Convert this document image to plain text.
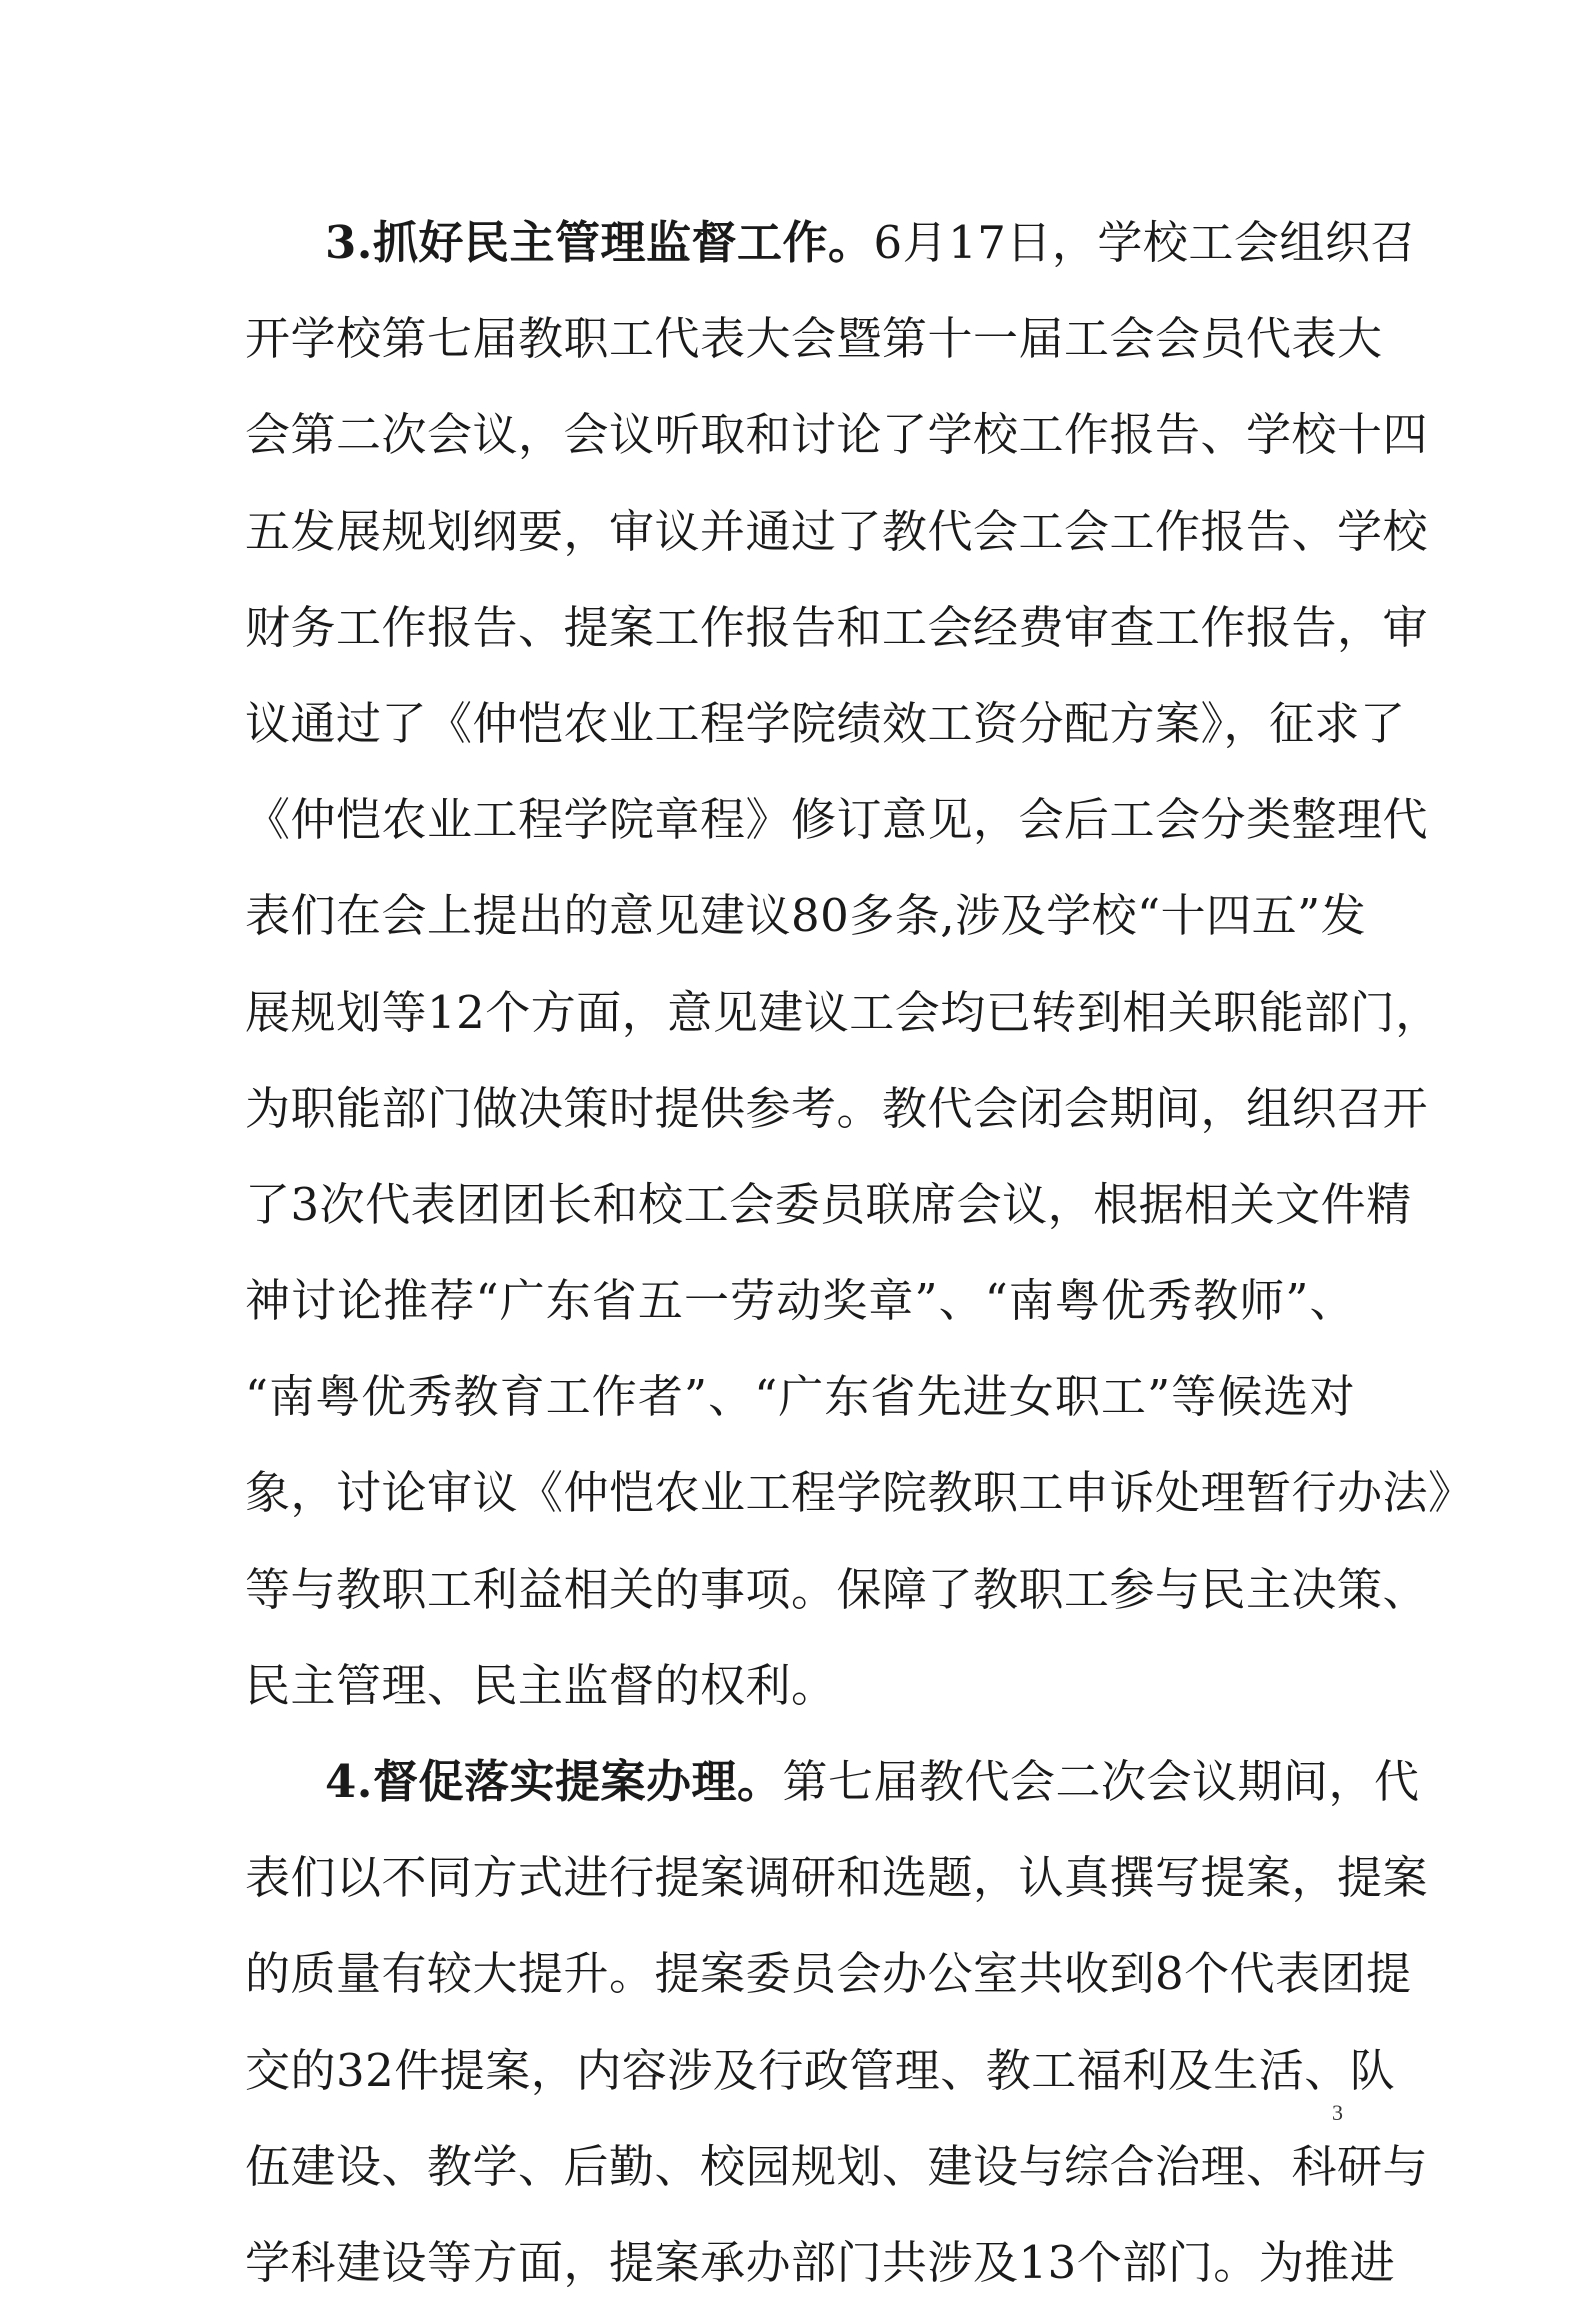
3.抓好民主管理监督工作。6月17日，学校工会组织召
开学校第七届教职工代表大会暨第十一届工会会员代表大
会第二次会议，会议听取和讨论了学校工作报告、学校十四
五发展规划纲要，审议并通过了教代会工会工作报告、学校
财务工作报告、提案工作报告和工会经费审查工作报告，审
议通过了《仲恺农业工程学院绩效工资分配方案》，征求了
《仲恺农业工程学院章程》修订意见，会后工会分类整理代
表们在会上提出的意见建议80多条,涉及学校“十四五”发
展规划等12个方面，意见建议工会均已转到相关职能部门，
为职能部门做决策时提供参考。教代会闭会期间，组织召开
了3次代表团团长和校工会委员联席会议，根据相关文件精
神讨论推荐“广东省五一劳动奖章”、“南粤优秀教师”、
“南粤优秀教育工作者”、“广东省先进女职工”等候选对
象，讨论审议《仲恺农业工程学院教职工申诉处理暂行办法》
等与教职工利益相关的事项。保障了教职工参与民主决策、
民主管理、民主监督的权利。
4.督促落实提案办理。第七届教代会二次会议期间，代
表们以不同方式进行提案调研和选题，认真撰写提案，提案
的质量有较大提升。提案委员会办公室共收到8个代表团提
交的32件提案，内容涉及行政管理、教工福利及生活、队
伍建设、教学、后勤、校园规划、建设与综合治理、科研与
学科建设等方面，提案承办部门共涉及13个部门。为推进
3
